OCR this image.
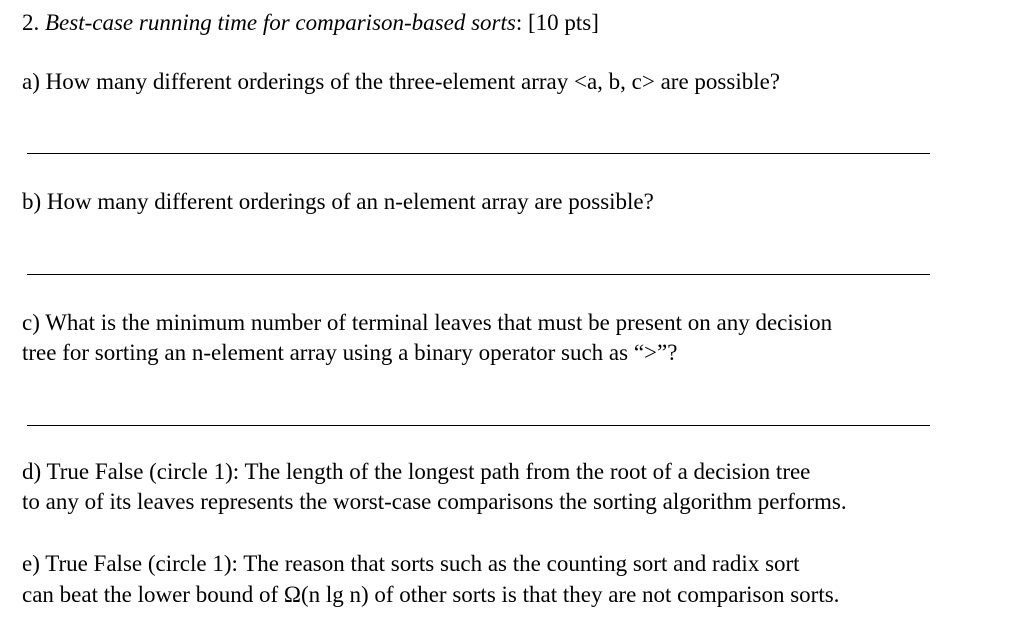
2. Best-case running time for comparison-based sorts: [10 pts]
a) How many different orderings of the three-element array <a, b, c> are possible?
b) How many different orderings of an n-element array are possible?
c) What is the minimum number of terminal leaves that must be present on any decision
tree for sorting an n-element array using a binary operator such as “>”?
d) True False (circle 1): The length of the longest path from the root of a decision tree
to any of its leaves represents the worst-case comparisons the sorting algorithm performs.
e) True False (circle 1): The reason that sorts such as the counting sort and radix sort
can beat the lower bound of Ω(n lg n) of other sorts is that they are not comparison sorts.
